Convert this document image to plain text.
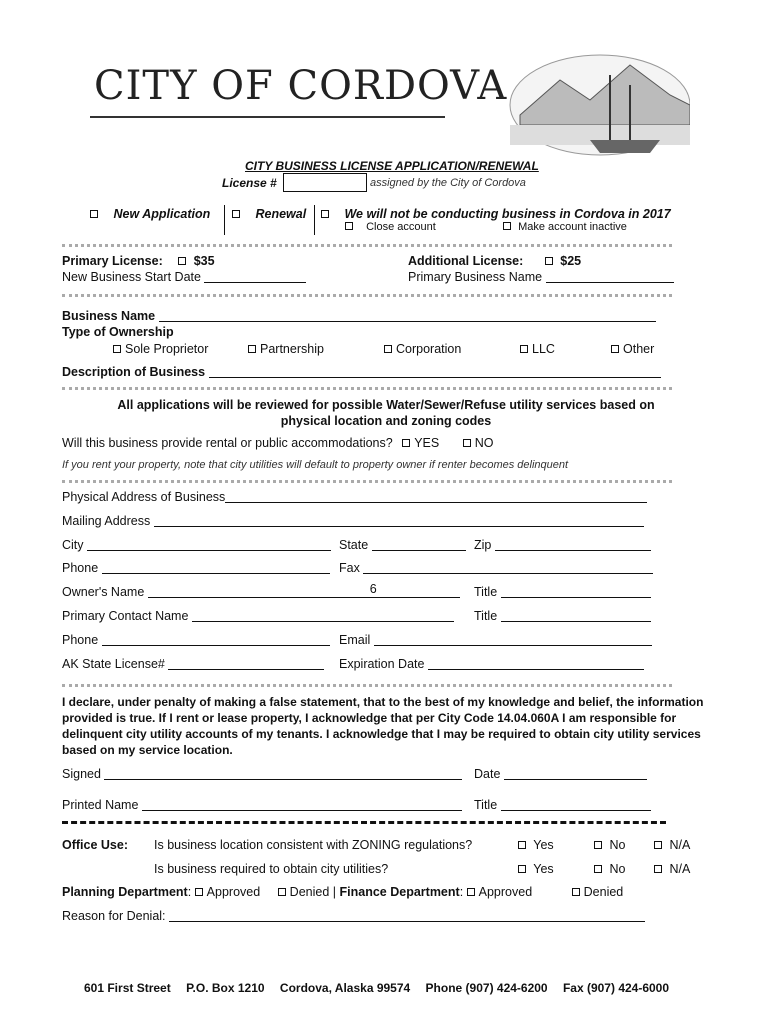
CITY OF CORDOVA
CITY BUSINESS LICENSE APPLICATION/RENEWAL
License #	assigned by the City of Cordova
New Application	Renewal	We will not be conducting business in Cordova in 2017
Close account	Make account inactive
Primary License: $35
New Business Start Date
Additional License:	$25
Primary Business Name
Business Name
Type of Ownership
Sole Proprietor	Partnership	Corporation	LLC	Other
Description of Business
All applications will be reviewed for possible Water/Sewer/Refuse utility services based on physical location and zoning codes
Will this business provide rental or public accommodations? YES	NO
If you rent your property, note that city utilities will default to property owner if renter becomes delinquent
Physical Address of Business
Mailing Address
City	State	Zip
Phone	Fax
Owner's Name	6	Title
Primary Contact Name	Title
Phone	Email
AK State License#	Expiration Date
I declare, under penalty of making a false statement, that to the best of my knowledge and belief, the information provided is true. If I rent or lease property, I acknowledge that per City Code 14.04.060A I am responsible for delinquent city utility accounts of my tenants. I acknowledge that I may be required to obtain city utility services based on my service location.
Signed	Date
Printed Name	Title
Office Use: Is business location consistent with ZONING regulations?	Yes	No	N/A
Is business required to obtain city utilities?	Yes	No	N/A
Planning Department: Approved Denied | Finance Department: Approved	Denied
Reason for Denial:
601 First Street P.O. Box 1210 Cordova, Alaska 99574 Phone (907) 424-6200 Fax (907) 424-6000
